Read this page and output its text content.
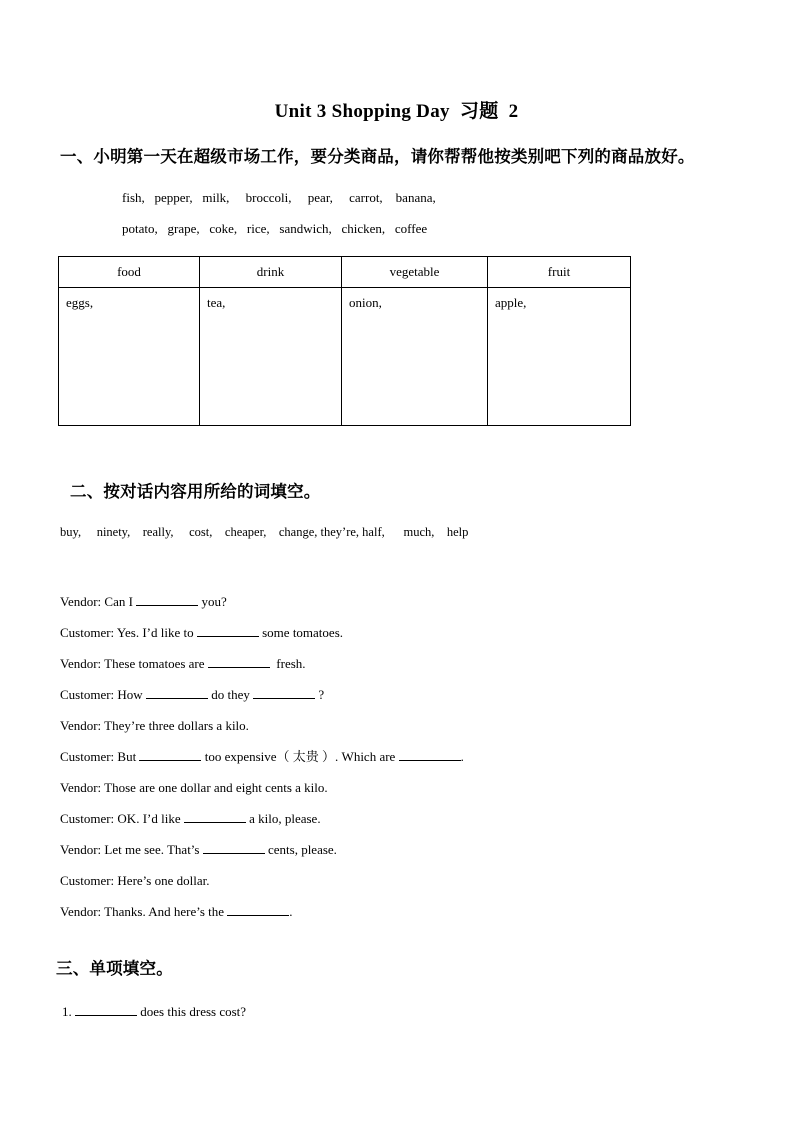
Unit 3 Shopping Day  习题  2

一、小明第一天在超级市场工作，要分类商品，请你帮帮他按类别吧下列的商品放好。

fish,   pepper,   milk,     broccoli,     pear,     carrot,    banana,

potato,   grape,   coke,   rice,   sandwich,   chicken,   coffee

food	drink	vegetable	fruit
eggs,	tea,	onion,	apple,

二、按对话内容用所给的词填空。

buy,     ninety,    really,     cost,    cheaper,    change, they’re, half,      much,    help

Vendor: Can I	you?

Customer: Yes. I’d like to	some tomatoes.

Vendor: These tomatoes are	fresh.

Customer: How	do they	?

Vendor: They’re three dollars a kilo.

Customer: But	too expensive（ 太贵 ）. Which are	.

Vendor: Those are one dollar and eight cents a kilo.

Customer: OK. I’d like	a kilo, please.

Vendor: Let me see. That’s	cents, please.

Customer: Here’s one dollar.

Vendor: Thanks. And here’s the	.

三、单项填空。

1.	does this dress cost?
